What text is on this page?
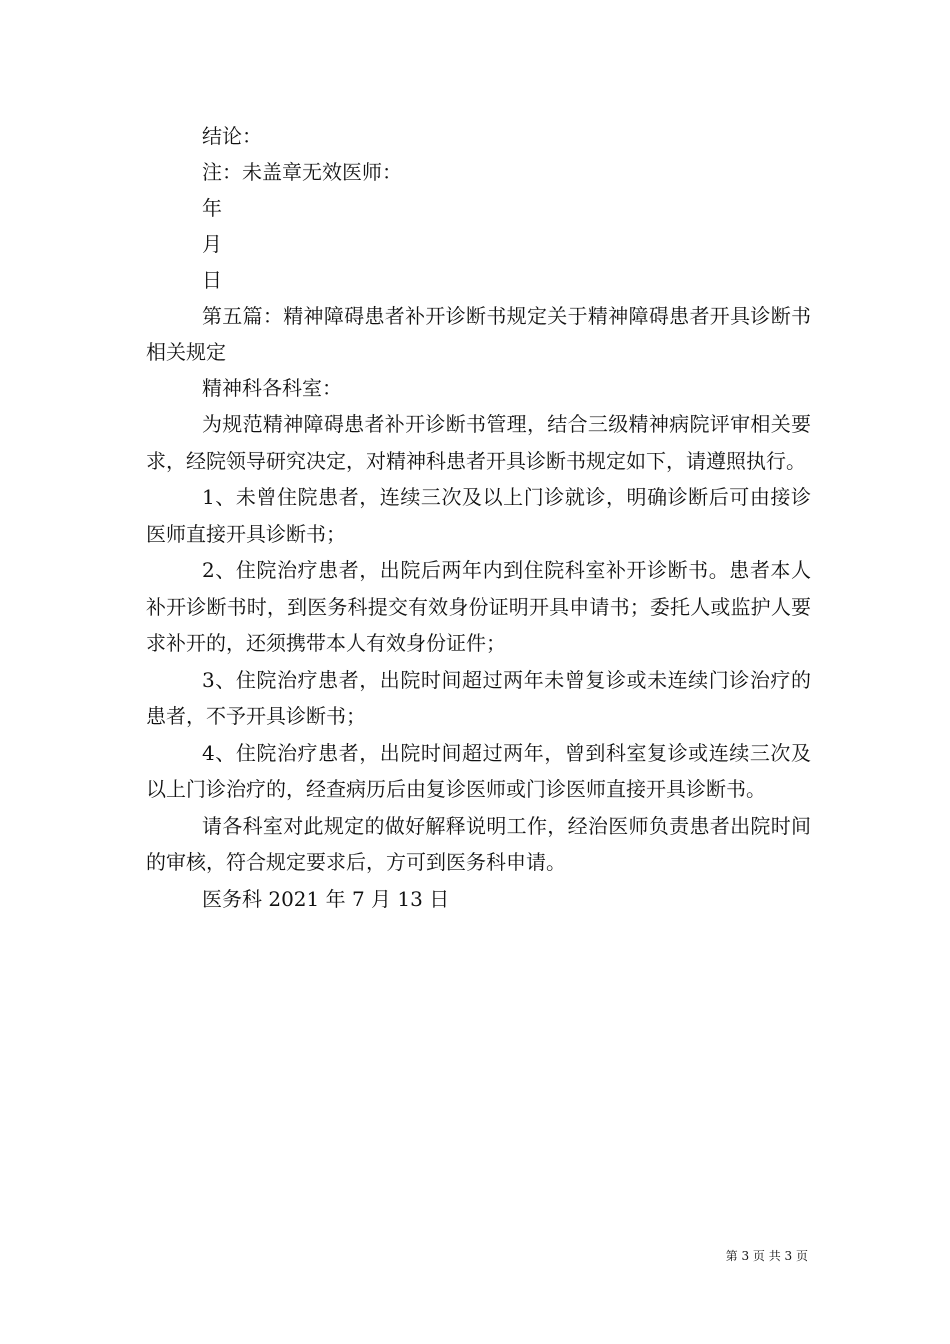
结论：

注：未盖章无效医师：

年

月

日

第五篇：精神障碍患者补开诊断书规定关于精神障碍患者开具诊断书相关规定

精神科各科室：

为规范精神障碍患者补开诊断书管理，结合三级精神病院评审相关要求，经院领导研究决定，对精神科患者开具诊断书规定如下，请遵照执行。

1、未曾住院患者，连续三次及以上门诊就诊，明确诊断后可由接诊医师直接开具诊断书；

2、住院治疗患者，出院后两年内到住院科室补开诊断书。患者本人补开诊断书时，到医务科提交有效身份证明开具申请书；委托人或监护人要求补开的，还须携带本人有效身份证件；

3、住院治疗患者，出院时间超过两年未曾复诊或未连续门诊治疗的患者，不予开具诊断书；

4、住院治疗患者，出院时间超过两年，曾到科室复诊或连续三次及以上门诊治疗的，经查病历后由复诊医师或门诊医师直接开具诊断书。

请各科室对此规定的做好解释说明工作，经治医师负责患者出院时间的审核，符合规定要求后，方可到医务科申请。

医务科 2021 年 7 月 13 日

第 3 页 共 3 页
